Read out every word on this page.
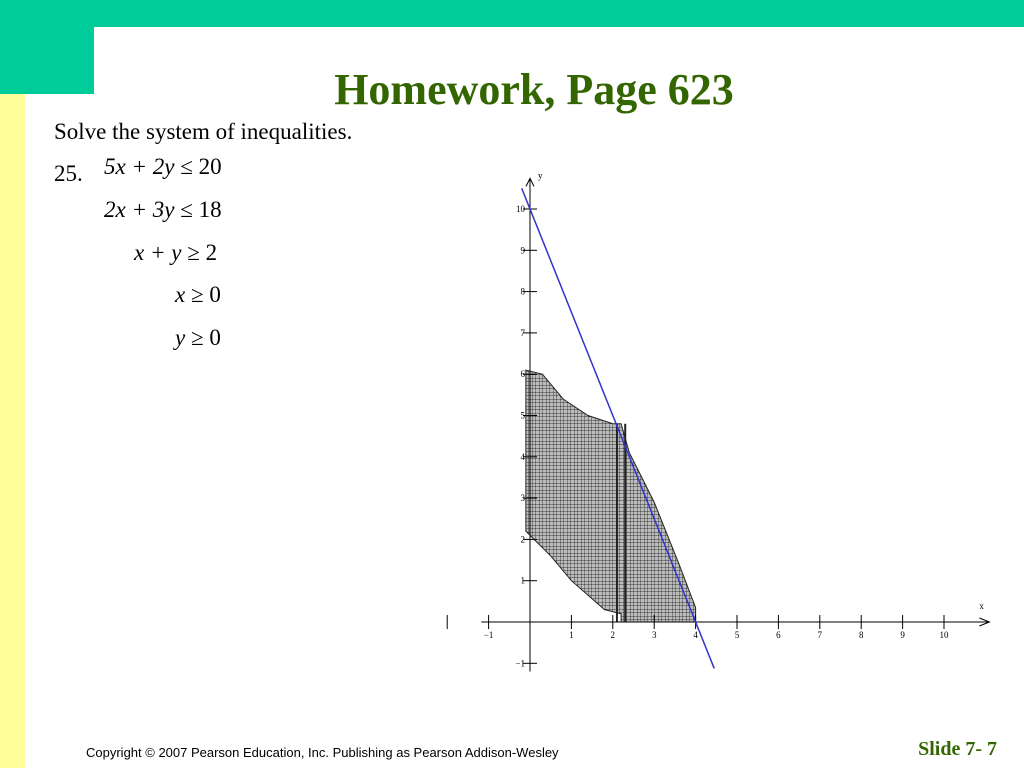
Homework, Page 623
Solve the system of inequalities.
25. 5x + 2y ≤ 20
2x + 3y ≤ 18
x + y ≥ 2
x ≥ 0
y ≥ 0
x
y
−1	1	2	3	4	5	6	7	8	9	10
10
9
8
7
6
5
4
3
2
1
−1
Copyright © 2007 Pearson Education, Inc. Publishing as Pearson Addison-Wesley	Slide 7- 7
